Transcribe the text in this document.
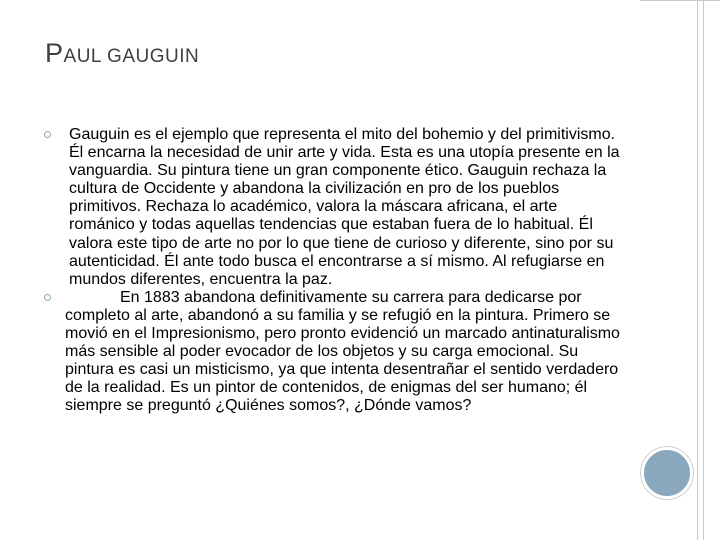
PAUL GAUGUIN
Gauguin es el ejemplo que representa el mito del bohemio y del primitivismo. Él encarna la necesidad de unir arte y vida. Esta es una utopía presente en la vanguardia. Su pintura tiene un gran componente ético. Gauguin rechaza la cultura de Occidente y abandona la civilización en pro de los pueblos primitivos. Rechaza lo académico, valora la máscara africana, el arte románico y todas aquellas tendencias que estaban fuera de lo habitual. Él valora este tipo de arte no por lo que tiene de curioso y diferente, sino por su autenticidad. Él ante todo busca el encontrarse a sí mismo. Al refugiarse en mundos diferentes, encuentra la paz.
En 1883 abandona definitivamente su carrera para dedicarse por completo al arte, abandonó a su familia y se refugió en la pintura. Primero se movió en el Impresionismo, pero pronto evidenció un marcado antinaturalismo más sensible al poder evocador de los objetos y su carga emocional. Su pintura es casi un misticismo, ya que intenta desentrañar el sentido verdadero de la realidad. Es un pintor de contenidos, de enigmas del ser humano; él siempre se preguntó ¿Quiénes somos?, ¿Dónde vamos?
